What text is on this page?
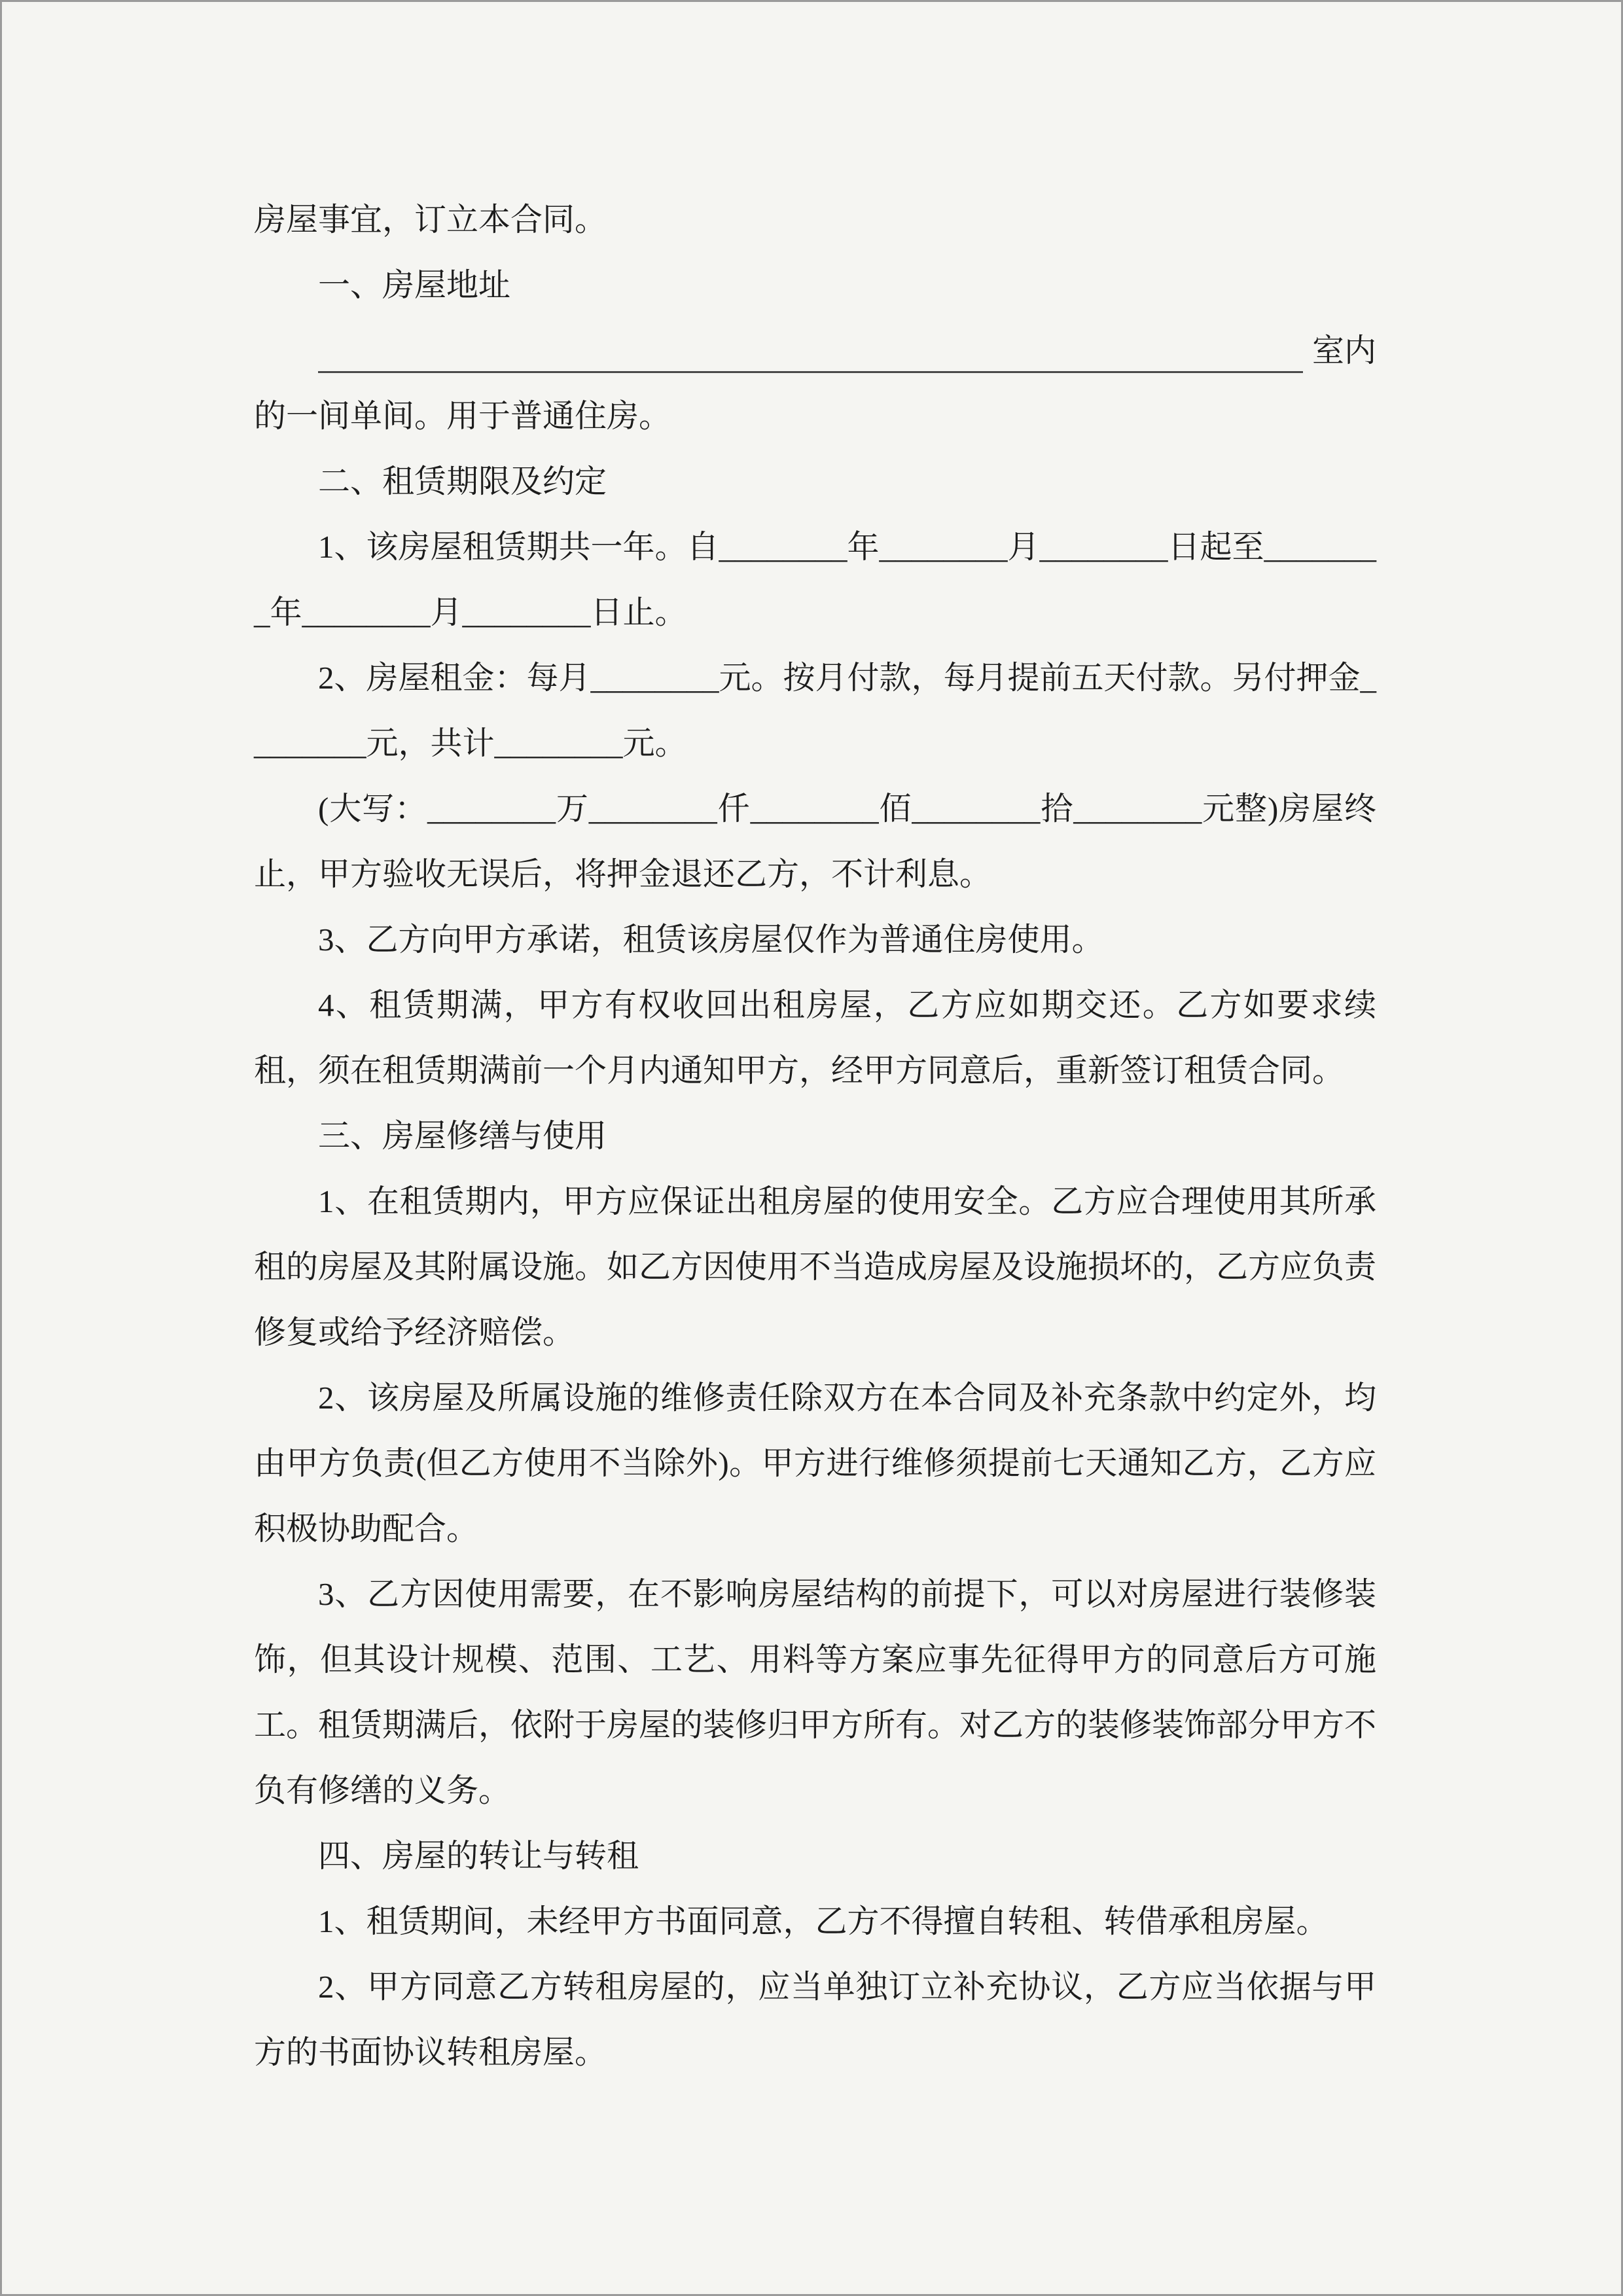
房屋事宜，订立本合同。

一、房屋地址

室内

的一间单间。用于普通住房。

二、租赁期限及约定

1、该房屋租赁期共一年。自________年________月________日起至________年________月________日止。

2、房屋租金：每月________元。按月付款，每月提前五天付款。另付押金________元，共计________元。

(大写：________万________仟________佰________拾________元整)房屋终止，甲方验收无误后，将押金退还乙方，不计利息。

3、乙方向甲方承诺，租赁该房屋仅作为普通住房使用。

4、租赁期满，甲方有权收回出租房屋，乙方应如期交还。乙方如要求续租，须在租赁期满前一个月内通知甲方，经甲方同意后，重新签订租赁合同。

三、房屋修缮与使用

1、在租赁期内，甲方应保证出租房屋的使用安全。乙方应合理使用其所承租的房屋及其附属设施。如乙方因使用不当造成房屋及设施损坏的，乙方应负责修复或给予经济赔偿。

2、该房屋及所属设施的维修责任除双方在本合同及补充条款中约定外，均由甲方负责(但乙方使用不当除外)。甲方进行维修须提前七天通知乙方，乙方应积极协助配合。

3、乙方因使用需要，在不影响房屋结构的前提下，可以对房屋进行装修装饰，但其设计规模、范围、工艺、用料等方案应事先征得甲方的同意后方可施工。租赁期满后，依附于房屋的装修归甲方所有。对乙方的装修装饰部分甲方不负有修缮的义务。

四、房屋的转让与转租

1、租赁期间，未经甲方书面同意，乙方不得擅自转租、转借承租房屋。

2、甲方同意乙方转租房屋的，应当单独订立补充协议，乙方应当依据与甲方的书面协议转租房屋。
